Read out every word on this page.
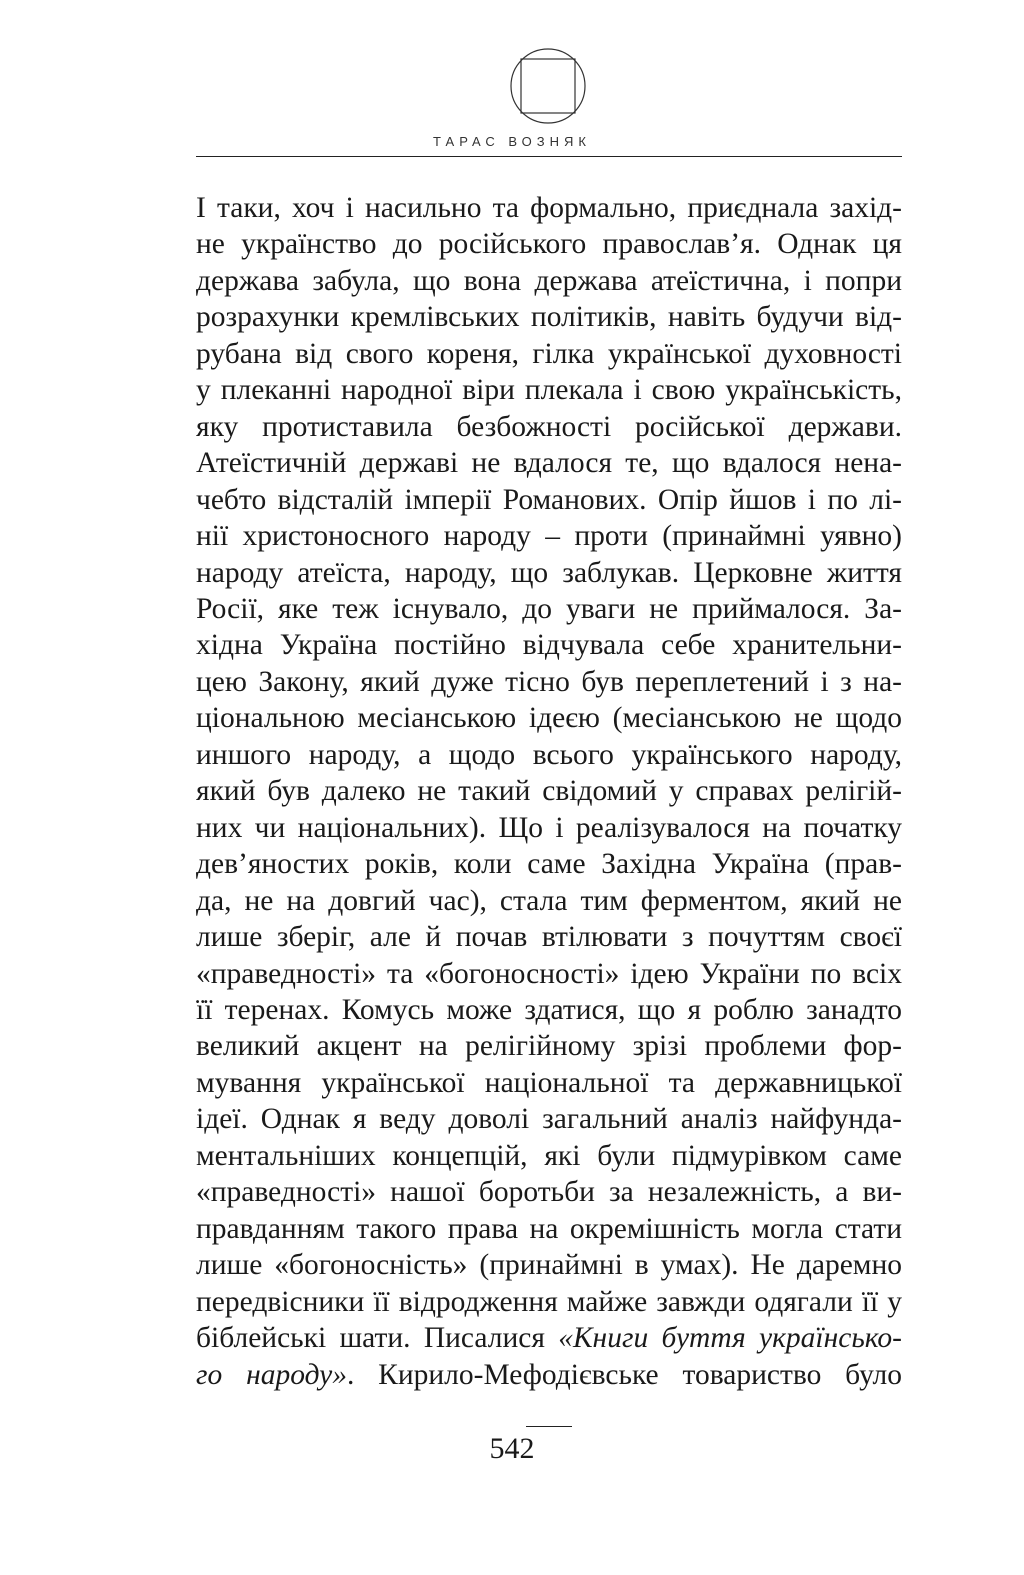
ТАРАС ВОЗНЯК
І таки, хоч і насильно та формально, приєднала захід-
не українство до російського православ’я. Однак ця
держава забула, що вона держава атеїстична, і попри
розрахунки кремлівських політиків, навіть будучи від-
рубана від свого кореня, гілка української духовності
у плеканні народної віри плекала і свою українськість,
яку протиставила безбожності російської держави.
Атеїстичній державі не вдалося те, що вдалося нена-
чебто відсталій імперії Романових. Опір йшов і по лі-
нії христоносного народу – проти (принаймні уявно)
народу атеїста, народу, що заблукав. Церковне життя
Росії, яке теж існувало, до уваги не приймалося. За-
хідна Україна постійно відчувала себе хранительни-
цею Закону, який дуже тісно був переплетений і з на-
ціональною месіанською ідеєю (месіанською не щодо
иншого народу, а щодо всього українського народу,
який був далеко не такий свідомий у справах релігій-
них чи національних). Що і реалізувалося на початку
дев’яностих років, коли саме Західна Україна (прав-
да, не на довгий час), стала тим ферментом, який не
лише зберіг, але й почав втілювати з почуттям своєї
«праведності» та «богоносності» ідею України по всіх
її теренах. Комусь може здатися, що я роблю занадто
великий акцент на релігійному зрізі проблеми фор-
мування української національної та державницької
ідеї. Однак я веду доволі загальний аналіз найфунда-
ментальніших концепцій, які були підмурівком саме
«праведності» нашої боротьби за незалежність, а ви-
правданням такого права на окремішність могла стати
лише «богоносність» (принаймні в умах). Не даремно
передвісники її відродження майже завжди одягали її у
біблейські шати. Писалися «Книги буття українсько-
го народу». Кирило-Мефодієвське товариство було
542
